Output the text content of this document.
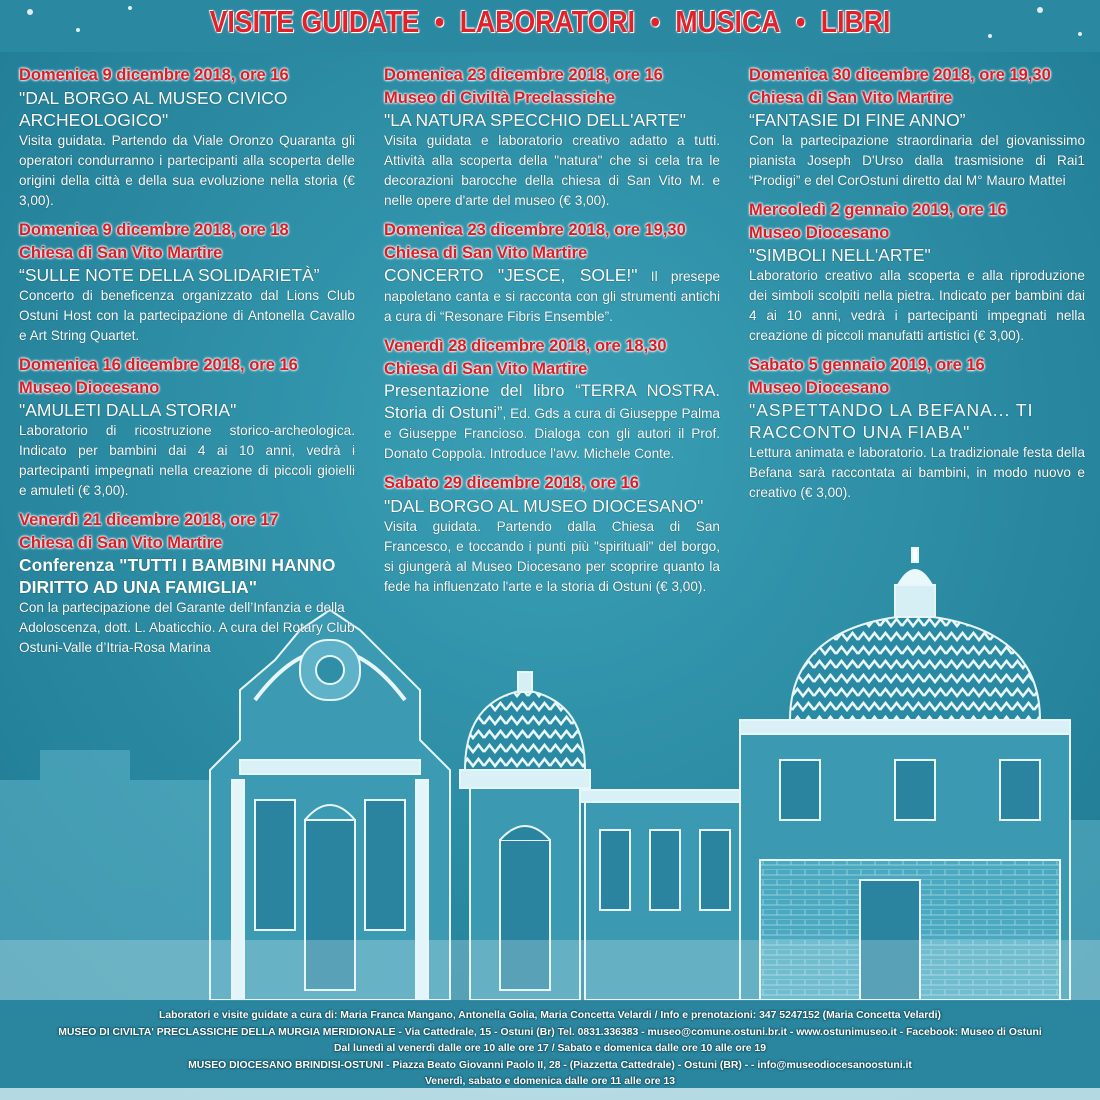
VISITE GUIDATE • LABORATORI • MUSICA • LIBRI
Domenica 9 dicembre 2018, ore 16
"DAL BORGO AL MUSEO CIVICO ARCHEOLOGICO"
Visita guidata. Partendo da Viale Oronzo Quaranta gli operatori condurranno i partecipanti alla scoperta delle origini della città e della sua evoluzione nella storia (€ 3,00).
Domenica 9 dicembre 2018, ore 18
Chiesa di San Vito Martire
“SULLE NOTE DELLA SOLIDARIETÀ”
Concerto di beneficenza organizzato dal Lions Club Ostuni Host con la partecipazione di Antonella Cavallo e Art String Quartet.
Domenica 16 dicembre 2018, ore 16
Museo Diocesano
"AMULETI DALLA STORIA"
Laboratorio di ricostruzione storico-archeologica. Indicato per bambini dai 4 ai 10 anni, vedrà i partecipanti impegnati nella creazione di piccoli gioielli e amuleti (€ 3,00).
Venerdì 21 dicembre 2018, ore 17
Chiesa di San Vito Martire
Conferenza "TUTTI I BAMBINI HANNO DIRITTO AD UNA FAMIGLIA"
Con la partecipazione del Garante dell’Infanzia e della Adoloscenza, dott. L. Abaticchio. A cura del Rotary Club Ostuni-Valle d’Itria-Rosa Marina
Domenica 23 dicembre 2018, ore 16
Museo di Civiltà Preclassiche
"LA NATURA SPECCHIO DELL'ARTE"
Visita guidata e laboratorio creativo adatto a tutti. Attività alla scoperta della "natura" che si cela tra le decorazioni barocche della chiesa di San Vito M. e nelle opere d'arte del museo (€ 3,00).
Domenica 23 dicembre 2018, ore 19,30
Chiesa di San Vito Martire
CONCERTO "JESCE, SOLE!" Il presepe napoletano canta e si racconta con gli strumenti antichi a cura di “Resonare Fibris Ensemble”.
Venerdì 28 dicembre 2018, ore 18,30
Chiesa di San Vito Martire
Presentazione del libro “TERRA NOSTRA. Storia di Ostuni”, Ed. Gds a cura di Giuseppe Palma e Giuseppe Francioso. Dialoga con gli autori il Prof. Donato Coppola. Introduce l'avv. Michele Conte.
Sabato 29 dicembre 2018, ore 16
"DAL BORGO AL MUSEO DIOCESANO"
Visita guidata. Partendo dalla Chiesa di San Francesco, e toccando i punti più "spirituali" del borgo, si giungerà al Museo Diocesano per scoprire quanto la fede ha influenzato l'arte e la storia di Ostuni (€ 3,00).
Domenica 30 dicembre 2018, ore 19,30
Chiesa di San Vito Martire
“FANTASIE DI FINE ANNO”
Con la partecipazione straordinaria del giovanissimo pianista Joseph D'Urso dalla trasmisione di Rai1 “Prodigi” e del CorOstuni diretto dal M° Mauro Mattei
Mercoledì 2 gennaio 2019, ore 16
Museo Diocesano
"SIMBOLI NELL'ARTE"
Laboratorio creativo alla scoperta e alla riproduzione dei simboli scolpiti nella pietra. Indicato per bambini dai 4 ai 10 anni, vedrà i partecipanti impegnati nella creazione di piccoli manufatti artistici (€ 3,00).
Sabato 5 gennaio 2019, ore 16
Museo Diocesano
"ASPETTANDO LA BEFANA... TI RACCONTO UNA FIABA"
Lettura animata e laboratorio. La tradizionale festa della Befana sarà raccontata ai bambini, in modo nuovo e creativo (€ 3,00).
Laboratori e visite guidate a cura di: Maria Franca Mangano, Antonella Golia, Maria Concetta Velardi / Info e prenotazioni: 347 5247152 (Maria Concetta Velardi)
MUSEO DI CIVILTA' PRECLASSICHE DELLA MURGIA MERIDIONALE - Via Cattedrale, 15 - Ostuni (Br) Tel. 0831.336383 - museo@comune.ostuni.br.it - www.ostunimuseo.it - Facebook: Museo di Ostuni
Dal lunedì al venerdì dalle ore 10 alle ore 17 / Sabato e domenica dalle ore 10 alle ore 19
MUSEO DIOCESANO BRINDISI-OSTUNI - Piazza Beato Giovanni Paolo II, 28 - (Piazzetta Cattedrale) - Ostuni (BR) - - info@museodiocesanoostuni.it
Venerdì, sabato e domenica dalle ore 11 alle ore 13
